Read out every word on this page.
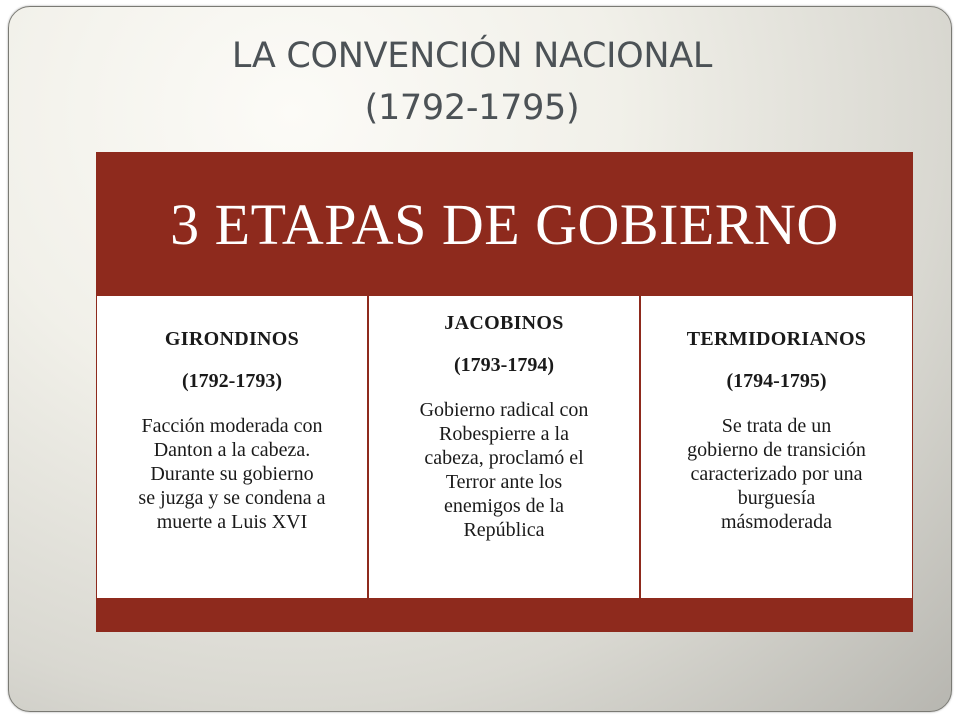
LA CONVENCIÓN NACIONAL
(1792-1795)
3 ETAPAS DE GOBIERNO
GIRONDINOS
(1792-1793)
Facción moderada con
Danton a la cabeza.
Durante su gobierno
se juzga y se condena a
muerte a Luis XVI
JACOBINOS
(1793-1794)
Gobierno radical con
Robespierre a la
cabeza, proclamó el
Terror ante los
enemigos de la
República
TERMIDORIANOS
(1794-1795)
Se trata de un
gobierno de transición
caracterizado por una
burguesía
másmoderada
